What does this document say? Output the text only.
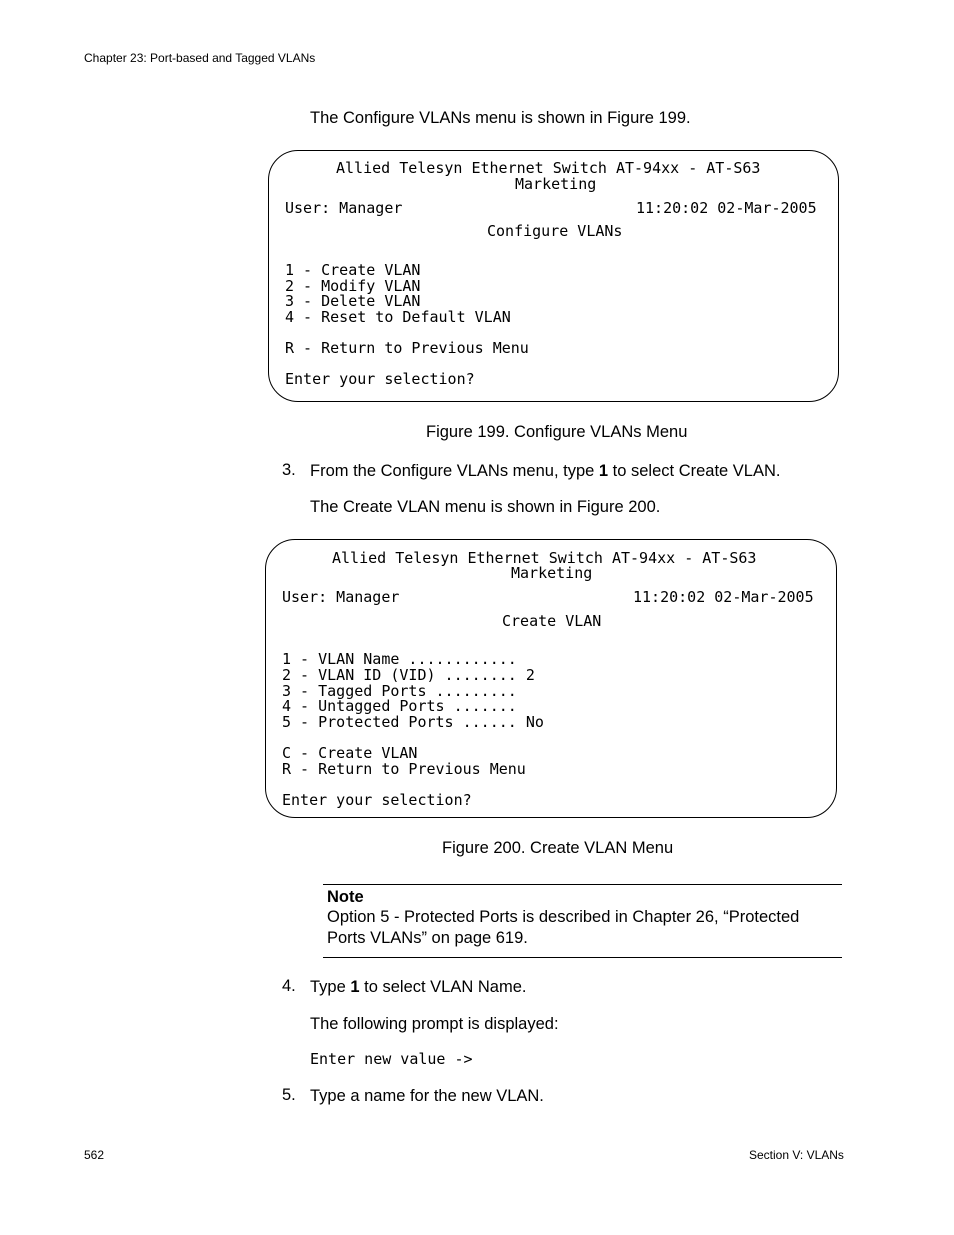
Chapter 23: Port-based and Tagged VLANs
The Configure VLANs menu is shown in Figure 199.
Allied Telesyn Ethernet Switch AT-94xx - AT-S63
Marketing
User: Manager	11:20:02 02-Mar-2005
Configure VLANs
1 - Create VLAN
2 - Modify VLAN
3 - Delete VLAN
4 - Reset to Default VLAN
R - Return to Previous Menu
Enter your selection?
Figure 199. Configure VLANs Menu
3. From the Configure VLANs menu, type 1 to select Create VLAN.
The Create VLAN menu is shown in Figure 200.
Allied Telesyn Ethernet Switch AT-94xx - AT-S63
Marketing
User: Manager	11:20:02 02-Mar-2005
Create VLAN
1 - VLAN Name ............
2 - VLAN ID (VID) ........ 2
3 - Tagged Ports .........
4 - Untagged Ports .......
5 - Protected Ports ...... No
C - Create VLAN
R - Return to Previous Menu
Enter your selection?
Figure 200. Create VLAN Menu
Note
Option 5 - Protected Ports is described in Chapter 26, “Protected
Ports VLANs” on page 619.
4. Type 1 to select VLAN Name.
The following prompt is displayed:
Enter new value ->
5. Type a name for the new VLAN.
562	Section V: VLANs
